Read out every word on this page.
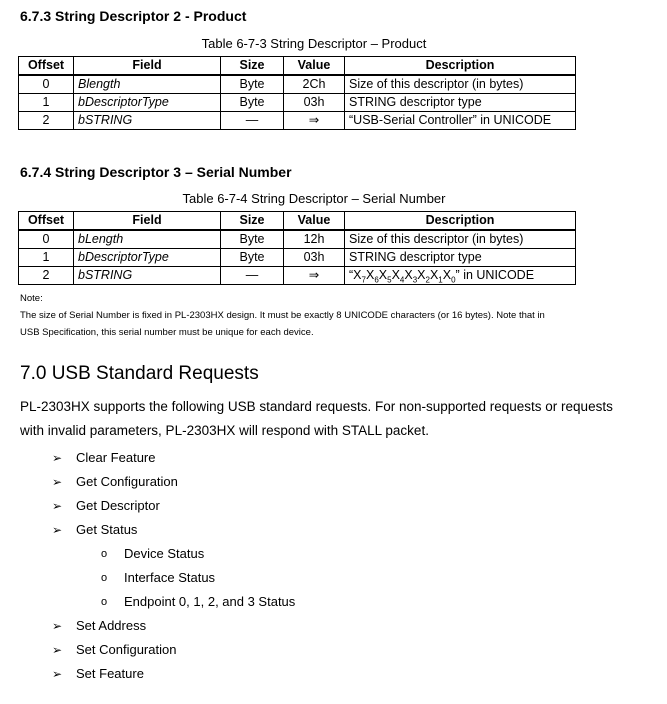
6.7.3 String Descriptor 2 - Product

Table 6-7-3 String Descriptor – Product

Offset	Field	Size	Value	Description
0	Blength	Byte	2Ch	Size of this descriptor (in bytes)
1	bDescriptorType	Byte	03h	STRING descriptor type
2	bSTRING	—	⇒	“USB-Serial Controller” in UNICODE
6.7.4 String Descriptor 3 – Serial Number

Table 6-7-4 String Descriptor – Serial Number

Offset	Field	Size	Value	Description
0	bLength	Byte	12h	Size of this descriptor (in bytes)
1	bDescriptorType	Byte	03h	STRING descriptor type
2	bSTRING	—	⇒	“$X_7X_6X_5X_4X_3X_2X_1X_0$” in UNICODE
Note:
The size of Serial Number is fixed in PL-2303HX design. It must be exactly 8 UNICODE characters (or 16 bytes). Note that in
USB Specification, this serial number must be unique for each device.
7.0 USB Standard Requests

PL-2303HX supports the following USB standard requests. For non-supported requests or requests
with invalid parameters, PL-2303HX will respond with STALL packet.

➢ Clear Feature
➢ Get Configuration
➢ Get Descriptor
➢ Get Status
o Device Status
o Interface Status
o Endpoint 0, 1, 2, and 3 Status
➢ Set Address
➢ Set Configuration
➢ Set Feature
